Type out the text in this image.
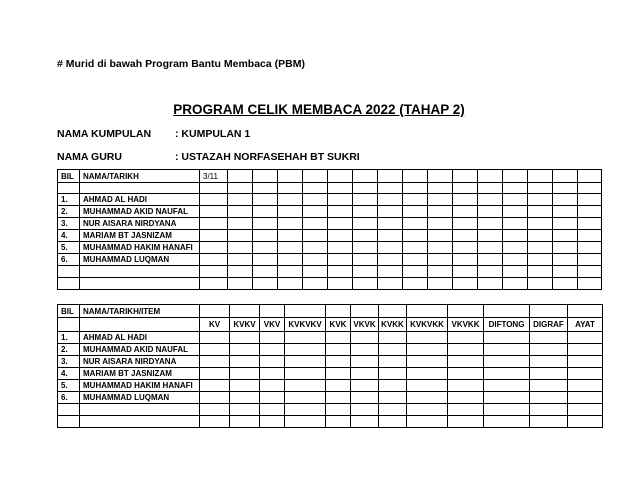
# Murid di bawah Program Bantu Membaca (PBM)
PROGRAM CELIK MEMBACA 2022 (TAHAP 2)
NAMA KUMPULAN : KUMPULAN 1
NAMA GURU	: USTAZAH NORFASEHAH BT SUKRI
BIL	NAMA/TARIKH	3/11															

1.	AHMAD AL HADI																
2.	MUHAMMAD AKID NAUFAL																
3.	NUR AISARA NIRDYANA																
4.	MARIAM BT JASNIZAM																
5.	MUHAMMAD HAKIM HANAFI																
6.	MUHAMMAD LUQMAN																

BIL	NAMA/TARIKH/ITEM												
		KV	KVKV	VKV	KVKVKV	KVK	VKVK	KVKK	KVKVKK	VKVKK	DIFTONG	DIGRAF	AYAT
1.	AHMAD AL HADI												
2.	MUHAMMAD AKID NAUFAL												
3.	NUR AISARA NIRDYANA												
4.	MARIAM BT JASNIZAM												
5.	MUHAMMAD HAKIM HANAFI												
6.	MUHAMMAD LUQMAN												
